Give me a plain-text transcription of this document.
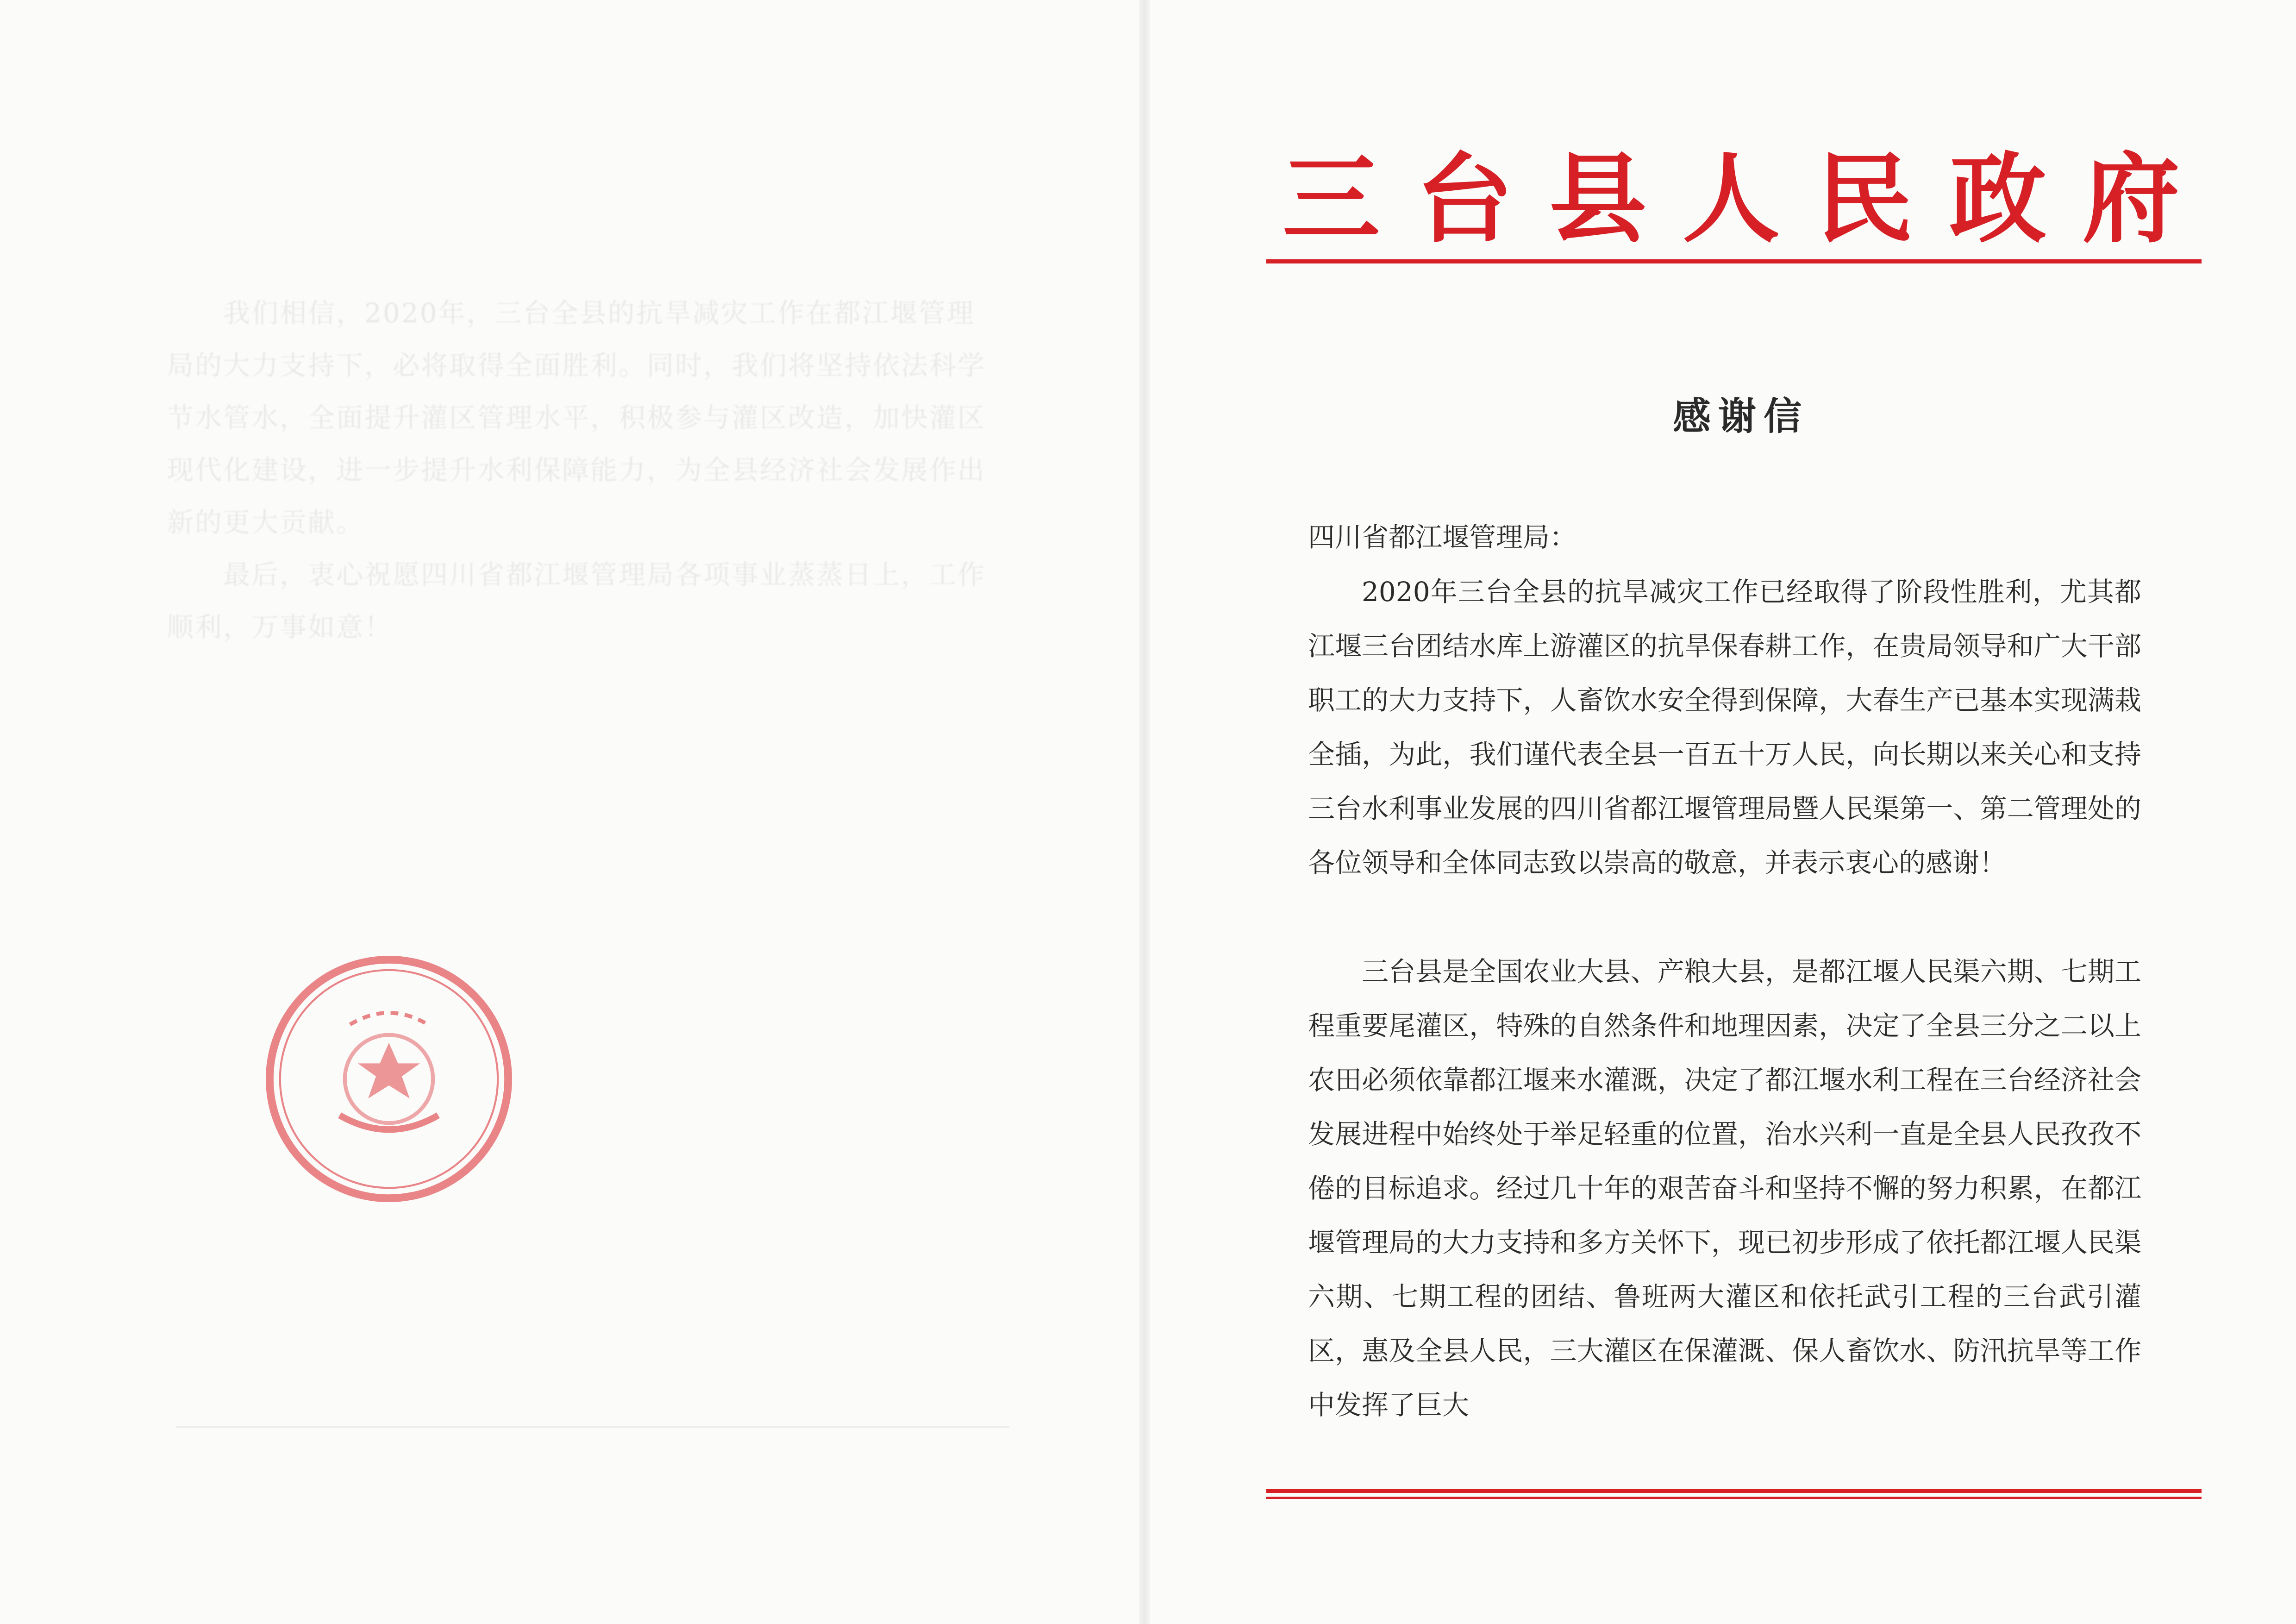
　　我们相信，2020年，三台全县的抗旱减灾工作在都江堰管理局的大力支持下，必将取得全面胜利。同时，我们将坚持依法科学节水管水，全面提升灌区管理水平，积极参与灌区改造，加快灌区现代化建设，进一步提升水利保障能力，为全县经济社会发展作出新的更大贡献。
　　最后，衷心祝愿四川省都江堰管理局各项事业蒸蒸日上，工作顺利，万事如意！
三台县人民政府
感谢信
四川省都江堰管理局：

2020年三台全县的抗旱减灾工作已经取得了阶段性胜利，尤其都江堰三台团结水库上游灌区的抗旱保春耕工作，在贵局领导和广大干部职工的大力支持下，人畜饮水安全得到保障，大春生产已基本实现满栽全插，为此，我们谨代表全县一百五十万人民，向长期以来关心和支持三台水利事业发展的四川省都江堰管理局暨人民渠第一、第二管理处的各位领导和全体同志致以崇高的敬意，并表示衷心的感谢！

三台县是全国农业大县、产粮大县，是都江堰人民渠六期、七期工程重要尾灌区，特殊的自然条件和地理因素，决定了全县三分之二以上农田必须依靠都江堰来水灌溉，决定了都江堰水利工程在三台经济社会发展进程中始终处于举足轻重的位置，治水兴利一直是全县人民孜孜不倦的目标追求。经过几十年的艰苦奋斗和坚持不懈的努力积累，在都江堰管理局的大力支持和多方关怀下，现已初步形成了依托都江堰人民渠六期、七期工程的团结、鲁班两大灌区和依托武引工程的三台武引灌区，惠及全县人民，三大灌区在保灌溉、保人畜饮水、防汛抗旱等工作中发挥了巨大
